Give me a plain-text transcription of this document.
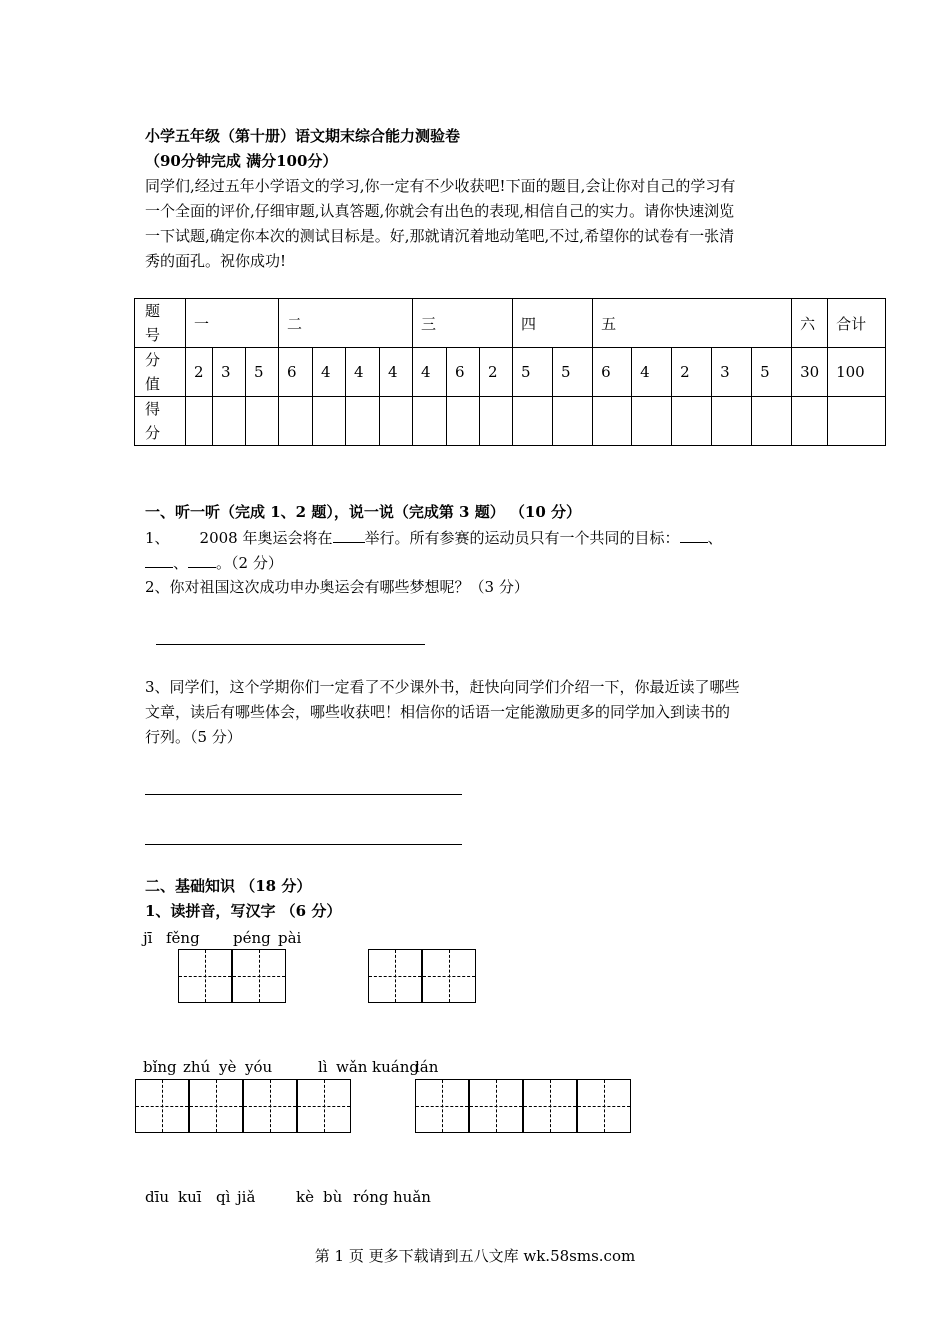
小学五年级（第十册）语文期末综合能力测验卷
（90分钟完成 满分100分）
同学们,经过五年小学语文的学习,你一定有不少收获吧!下面的题目,会让你对自己的学习有
一个全面的评价,仔细审题,认真答题,你就会有出色的表现,相信自己的实力。请你快速浏览
一下试题,确定你本次的测试目标是。好,那就请沉着地动笔吧,不过,希望你的试卷有一张清
秀的面孔。祝你成功!
题
号	一			二				三			四		五					六	合计
分
值	2	3	5	6	4	4	4	4	6	2	5	5	6	4	2	3	5	30	100
得
分																			
一、听一听（完成 1、2 题），说一说（完成第 3 题） （10 分）
1、 2008 年奥运会将在 举行。所有参赛的运动员只有一个共同的目标： 、
、 。（2 分）
2、你对祖国这次成功申办奥运会有哪些梦想呢？（3 分）
3、同学们，这个学期你们一定看了不少课外书，赶快向同学们介绍一下，你最近读了哪些
文章，读后有哪些体会，哪些收获吧！相信你的话语一定能激励更多的同学加入到读书的
行列。（5 分）
二、基础知识 （18 分）
1、读拼音，写汉字 （6 分）
jī fěng péng pài
bǐng zhú yè yóu	lì wǎn kuáng
lán
dīu kuī qì jiǎ	kè bù róng huǎn
第 1 页 更多下载请到五八文库 wk.58sms.com
